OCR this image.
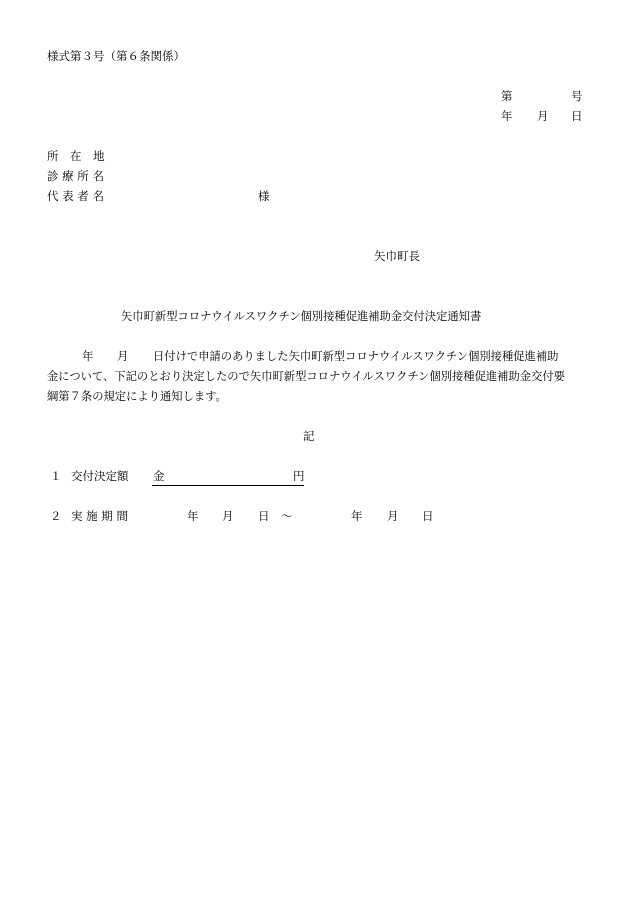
様式第３号（第６条関係）
第	号
年 月 日
所　在　地
診 療 所 名
代 表 者 名	様
矢巾町長
矢巾町新型コロナウイルスワクチン個別接種促進補助金交付決定通知書
年 月 日付けで申請のありました矢巾町新型コロナウイルスワクチン個別接種促進補助
金について、下記のとおり決定したので矢巾町新型コロナウイルスワクチン個別接種促進補助金交付要
綱第７条の規定により通知します。
記
１ 交付決定額 金	円
２ 実 施 期 間	年 月 日 ～	年 月 日
